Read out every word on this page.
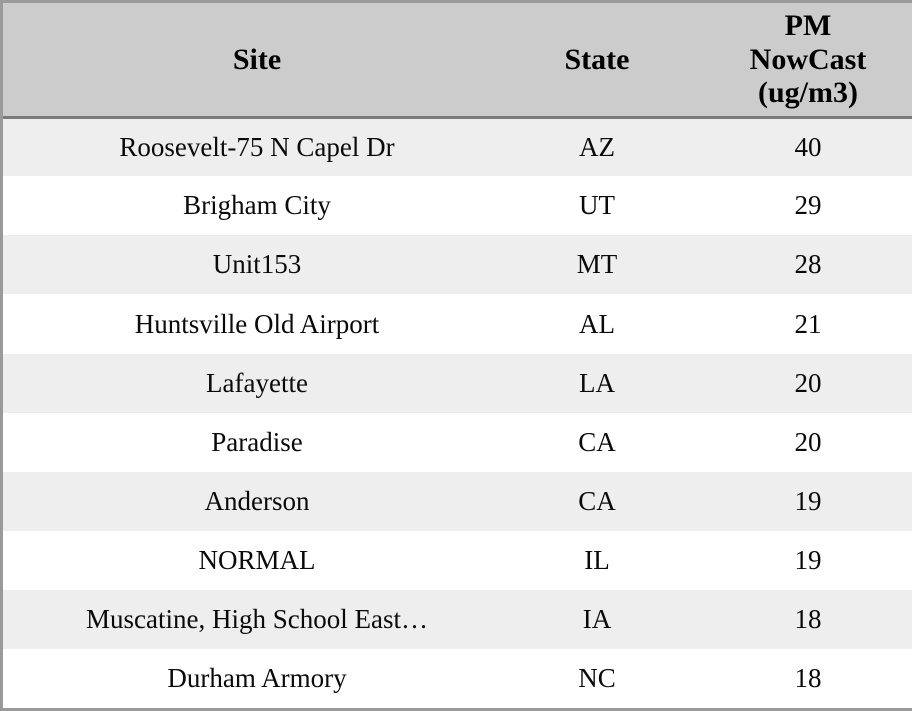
Site	State	PM
NowCast
(ug/m3)

Roosevelt-75 N Capel Dr	AZ	40
Brigham City	UT	29
Unit153	MT	28
Huntsville Old Airport	AL	21
Lafayette	LA	20
Paradise	CA	20
Anderson	CA	19
NORMAL	IL	19
Muscatine, High School East…	IA	18
Durham Armory	NC	18
